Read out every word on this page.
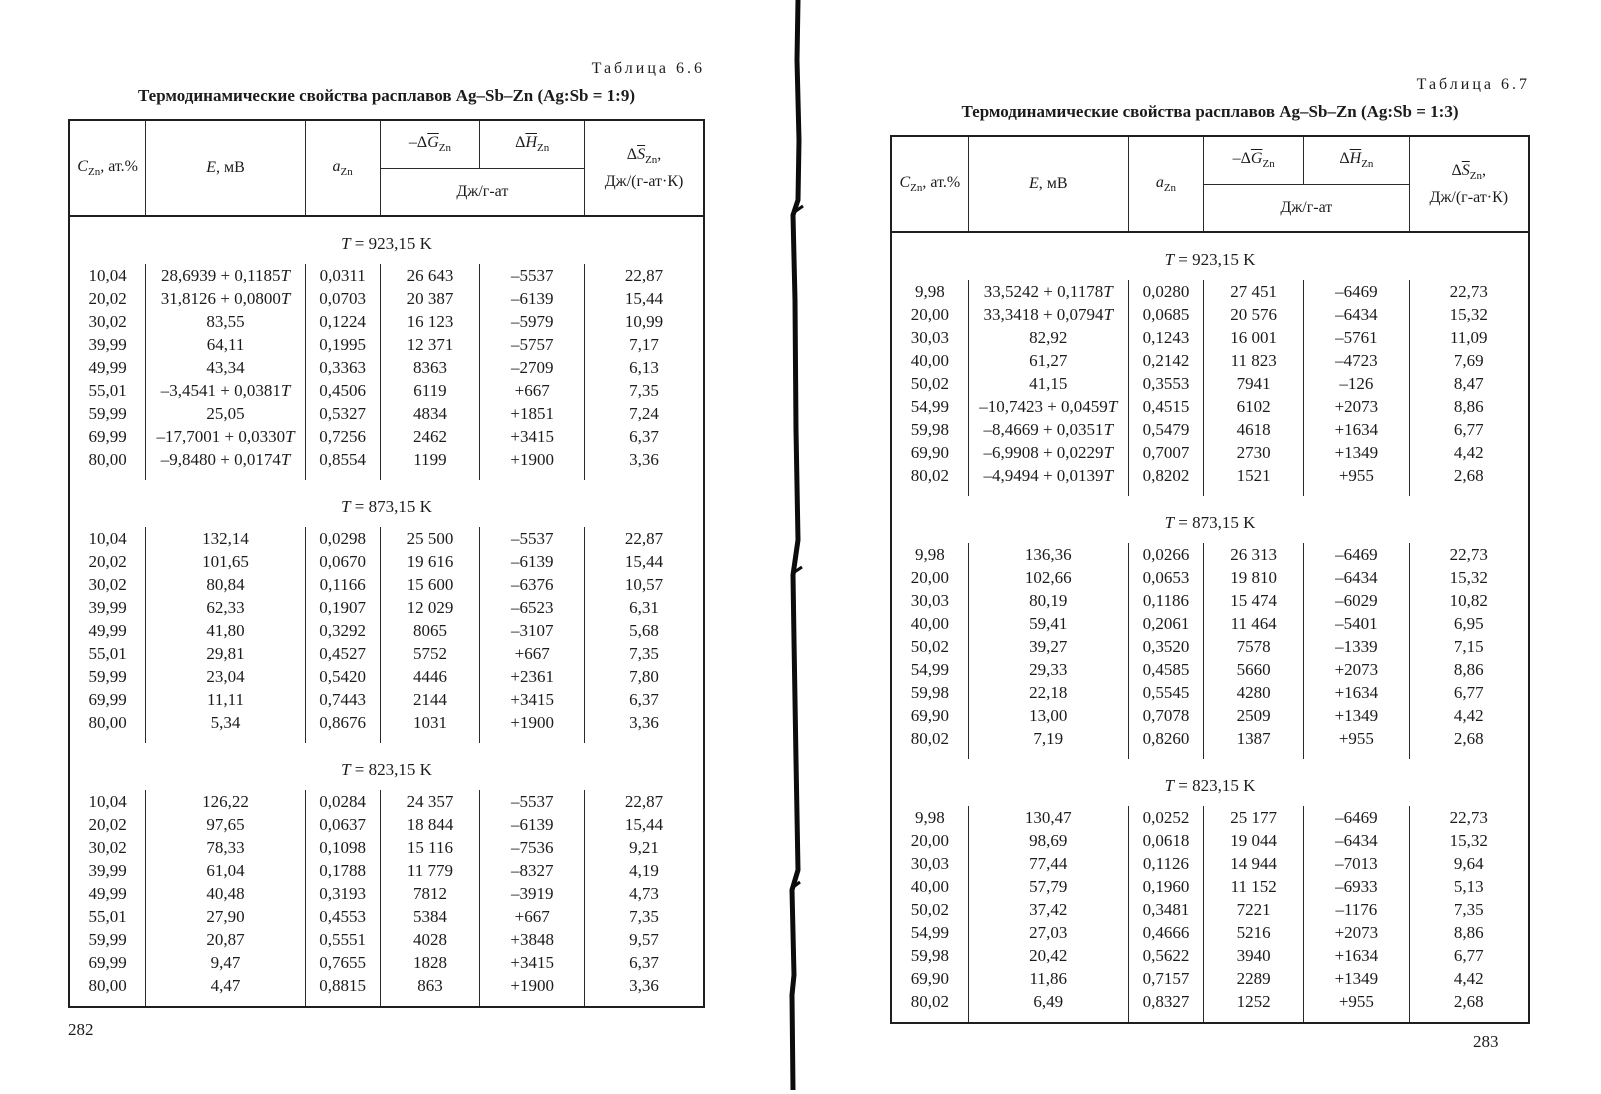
Таблица 6.6
Термодинамические свойства расплавов Ag–Sb–Zn (Ag:Sb = 1:9)
$C_{Zn}$, ат.%	E, мВ	$a_{Zn}$	$-\Delta\overline{G}_{Zn}$	$\Delta\overline{H}_{Zn}$	$\Delta\overline{S}_{Zn}$,
Дж/(г-ат·К)

			Дж/г-ат		
T = 923,15 K					
10,04	28,6939 + 0,1185T	0,0311	26 643	–5537	22,87
20,02	31,8126 + 0,0800T	0,0703	20 387	–6139	15,44
30,02	83,55	0,1224	16 123	–5979	10,99
39,99	64,11	0,1995	12 371	–5757	7,17
49,99	43,34	0,3363	8363	–2709	6,13
55,01	–3,4541 + 0,0381T	0,4506	6119	+667	7,35
59,99	25,05	0,5327	4834	+1851	7,24
69,99	–17,7001 + 0,0330T	0,7256	2462	+3415	6,37
80,00	–9,8480 + 0,0174T	0,8554	1199	+1900	3,36
T = 873,15 K					
10,04	132,14	0,0298	25 500	–5537	22,87
20,02	101,65	0,0670	19 616	–6139	15,44
30,02	80,84	0,1166	15 600	–6376	10,57
39,99	62,33	0,1907	12 029	–6523	6,31
49,99	41,80	0,3292	8065	–3107	5,68
55,01	29,81	0,4527	5752	+667	7,35
59,99	23,04	0,5420	4446	+2361	7,80
69,99	11,11	0,7443	2144	+3415	6,37
80,00	5,34	0,8676	1031	+1900	3,36
T = 823,15 K					
10,04	126,22	0,0284	24 357	–5537	22,87
20,02	97,65	0,0637	18 844	–6139	15,44
30,02	78,33	0,1098	15 116	–7536	9,21
39,99	61,04	0,1788	11 779	–8327	4,19
49,99	40,48	0,3193	7812	–3919	4,73
55,01	27,90	0,4553	5384	+667	7,35
59,99	20,87	0,5551	4028	+3848	9,57
69,99	9,47	0,7655	1828	+3415	6,37
80,00	4,47	0,8815	863	+1900	3,36
282
Таблица 6.7
Термодинамические свойства расплавов Ag–Sb–Zn (Ag:Sb = 1:3)
$C_{Zn}$, ат.%	E, мВ	$a_{Zn}$	$-\Delta\overline{G}_{Zn}$	$\Delta\overline{H}_{Zn}$	$\Delta\overline{S}_{Zn}$,
Дж/(г-ат·К)

			Дж/г-ат		
T = 923,15 K					
9,98	33,5242 + 0,1178T	0,0280	27 451	–6469	22,73
20,00	33,3418 + 0,0794T	0,0685	20 576	–6434	15,32
30,03	82,92	0,1243	16 001	–5761	11,09
40,00	61,27	0,2142	11 823	–4723	7,69
50,02	41,15	0,3553	7941	–126	8,47
54,99	–10,7423 + 0,0459T	0,4515	6102	+2073	8,86
59,98	–8,4669 + 0,0351T	0,5479	4618	+1634	6,77
69,90	–6,9908 + 0,0229T	0,7007	2730	+1349	4,42
80,02	–4,9494 + 0,0139T	0,8202	1521	+955	2,68
T = 873,15 K					
9,98	136,36	0,0266	26 313	–6469	22,73
20,00	102,66	0,0653	19 810	–6434	15,32
30,03	80,19	0,1186	15 474	–6029	10,82
40,00	59,41	0,2061	11 464	–5401	6,95
50,02	39,27	0,3520	7578	–1339	7,15
54,99	29,33	0,4585	5660	+2073	8,86
59,98	22,18	0,5545	4280	+1634	6,77
69,90	13,00	0,7078	2509	+1349	4,42
80,02	7,19	0,8260	1387	+955	2,68
T = 823,15 K					
9,98	130,47	0,0252	25 177	–6469	22,73
20,00	98,69	0,0618	19 044	–6434	15,32
30,03	77,44	0,1126	14 944	–7013	9,64
40,00	57,79	0,1960	11 152	–6933	5,13
50,02	37,42	0,3481	7221	–1176	7,35
54,99	27,03	0,4666	5216	+2073	8,86
59,98	20,42	0,5622	3940	+1634	6,77
69,90	11,86	0,7157	2289	+1349	4,42
80,02	6,49	0,8327	1252	+955	2,68
283
